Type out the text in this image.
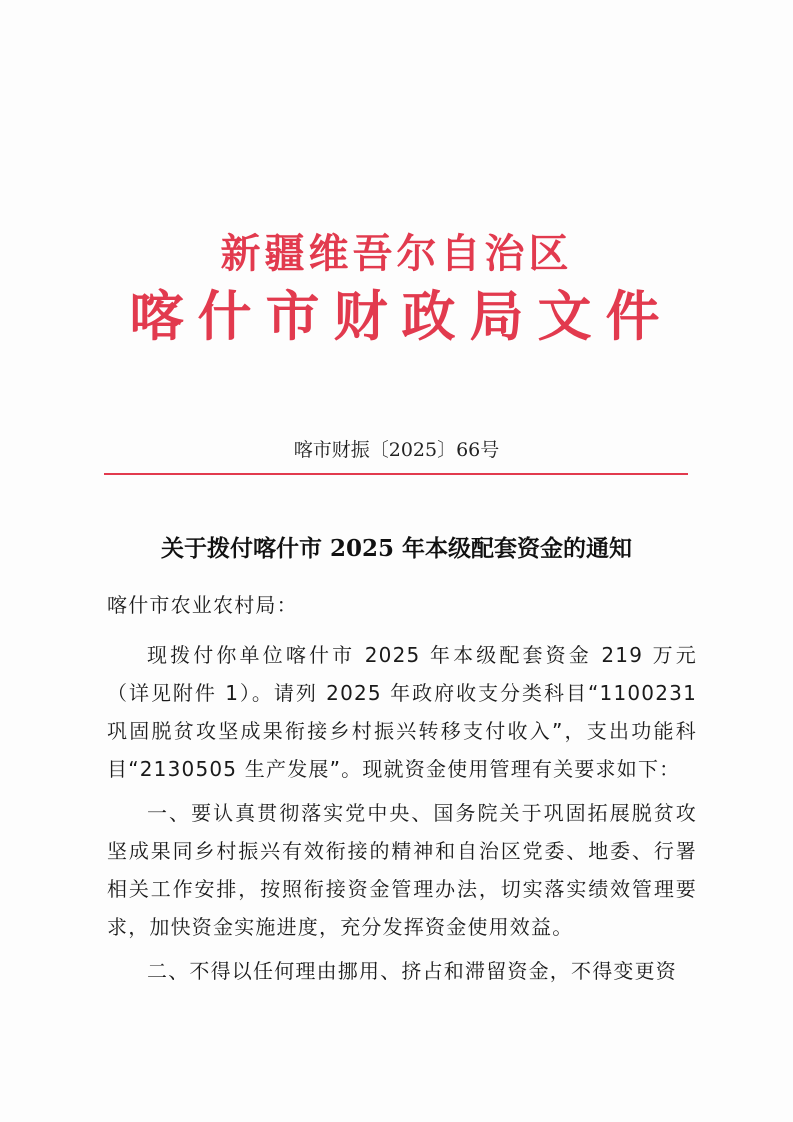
新疆维吾尔自治区
喀什市财政局文件
喀市财振〔2025〕66号
关于拨付喀什市 2025 年本级配套资金的通知
喀什市农业农村局：

现拨付你单位喀什市 2025 年本级配套资金 219 万元（详见附件 1）。请列 2025 年政府收支分类科目“1100231 巩固脱贫攻坚成果衔接乡村振兴转移支付收入”，支出功能科目“2130505 生产发展”。现就资金使用管理有关要求如下：

一、要认真贯彻落实党中央、国务院关于巩固拓展脱贫攻坚成果同乡村振兴有效衔接的精神和自治区党委、地委、行署相关工作安排，按照衔接资金管理办法，切实落实绩效管理要求，加快资金实施进度，充分发挥资金使用效益。

二、不得以任何理由挪用、挤占和滞留资金，不得变更资
